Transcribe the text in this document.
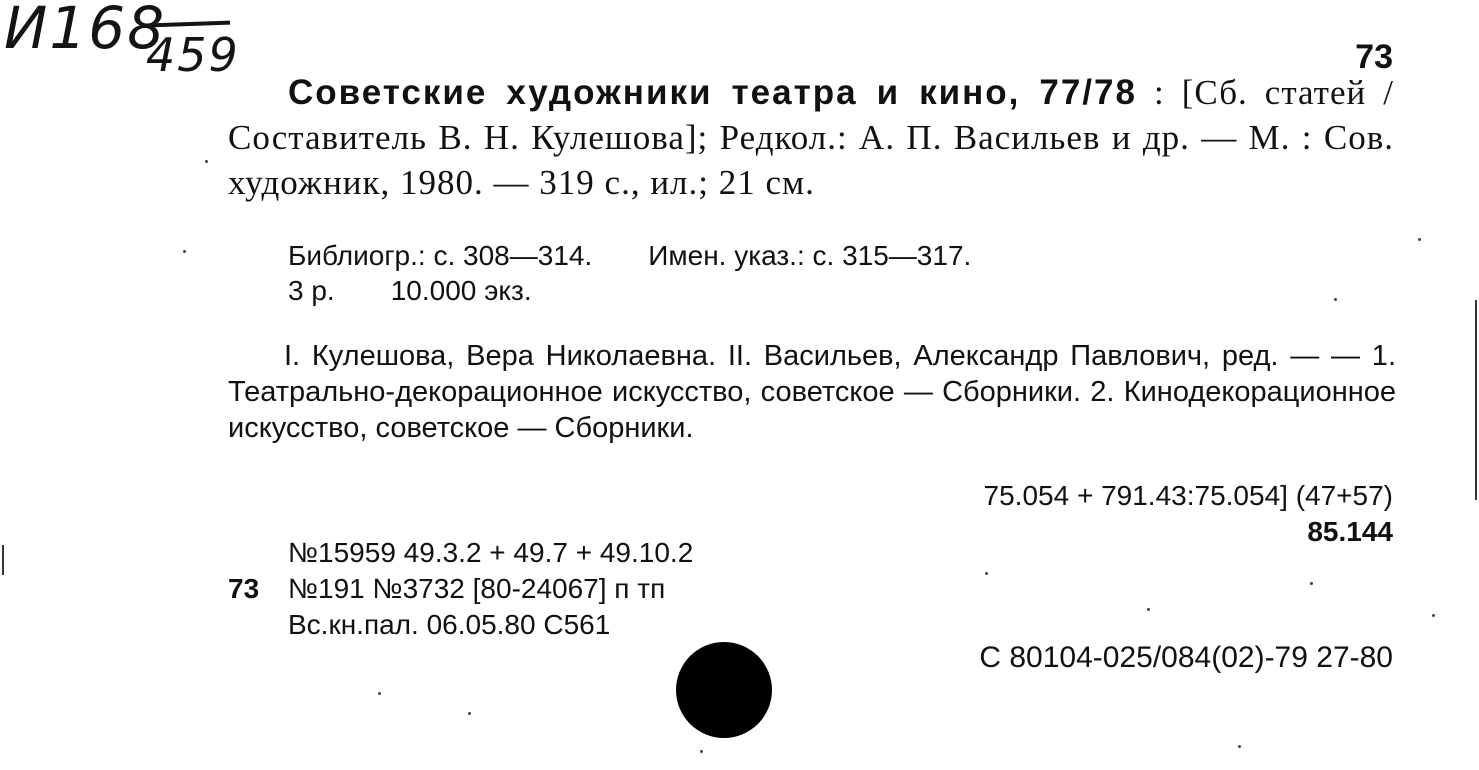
И168
459	73
Советские художники театра и кино, 77/78 : [Сб. статей / Составитель В. Н. Кулешова]; Редкол.: А. П. Васильев и др. — М. : Сов. художник, 1980. — 319 с., ил.; 21 см.
Библиогр.: с. 308—314. Имен. указ.: с. 315—317.
3 р. 10.000 экз.
I. Кулешова, Вера Николаевна. II. Васильев, Александр Павлович, ред. — — 1. Театрально-декорационное искусство, советское — Сборники. 2. Кинодекорационное искусство, советское — Сборники.
75.054 + 791.43:75.054] (47+57)
85.144
№15959 49.3.2 + 49.7 + 49.10.2
73 №191 №3732 [80-24067] п тп
Вс.кн.пал. 06.05.80 С561
С 80104-025/084(02)-79 27-80
